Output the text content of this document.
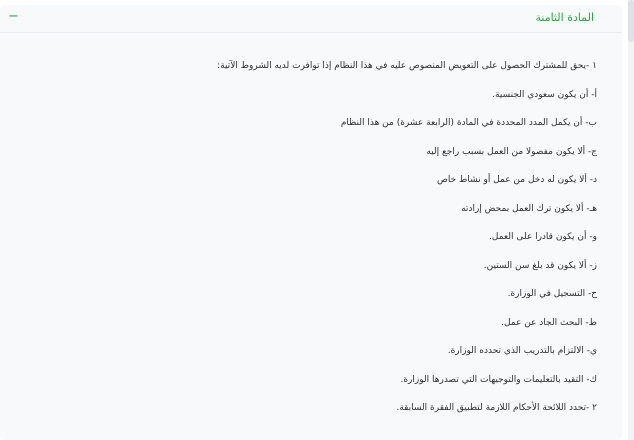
المادة الثامنة
−
١ -يحق للمشترك الحصول على التعويض المنصوص عليه في هذا النظام إذا توافرت لديه الشروط الآتية:
أ- أن يكون سعودي الجنسية.
ب- أن يكمل المدد المحددة في المادة (الرابعة عشرة) من هذا النظام
ج- ألا يكون مفصولا من العمل بسبب راجع إليه
د- ألا يكون له دخل من عمل أو نشاط خاص
هـ- ألا يكون ترك العمل بمحض إرادته
و- أن يكون قادرا على العمل.
ز- ألا يكون قد بلغ سن الستين.
ح- التسجيل في الوزارة.
ط- البحث الجاد عن عمل.
ي- الالتزام بالتدريب الذي تحدده الوزارة.
ك- التقيد بالتعليمات والتوجيهات التي تصدرها الوزارة.
٢ -تحدد اللائحة الأحكام اللازمة لتطبيق الفقرة السابقة.
